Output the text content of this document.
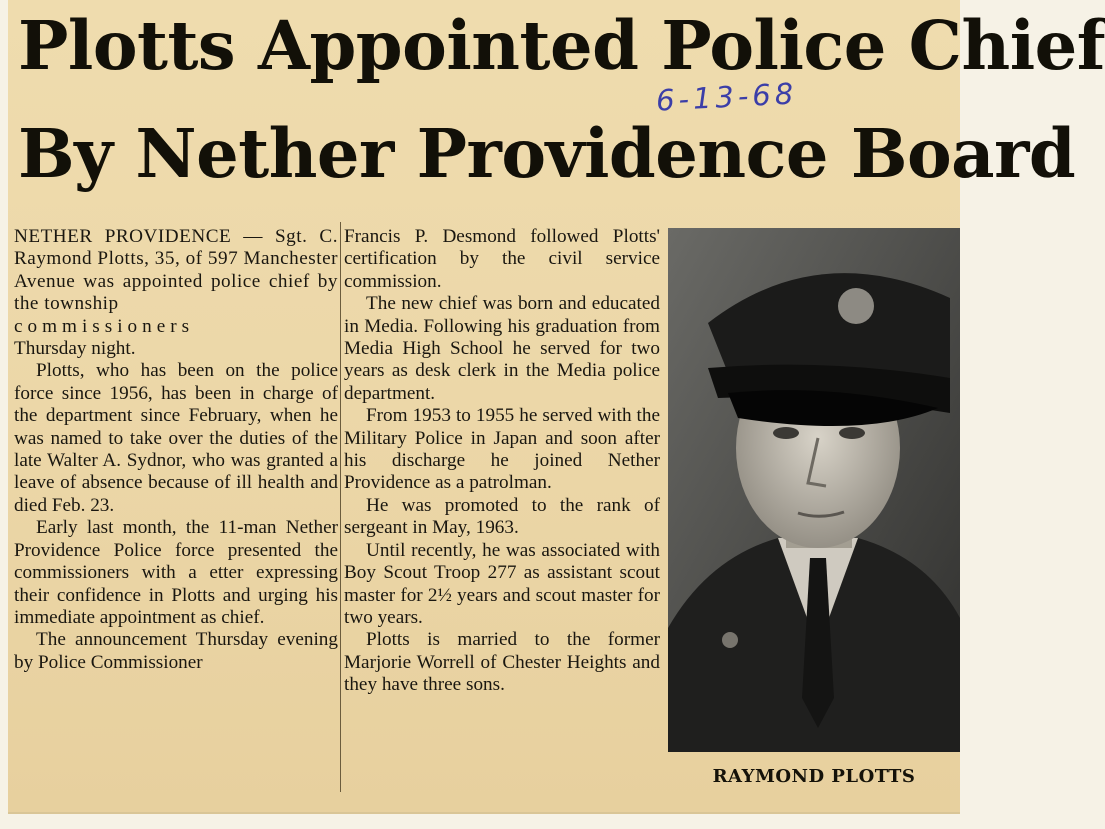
Plotts Appointed Police Chief
By Nether Providence Board
6-13-68

NETHER PROVIDENCE — Sgt. C. Raymond Plotts, 35, of 597 Manchester Avenue was appointed police chief by the township

commissioners

Thursday night.

Plotts, who has been on the police force since 1956, has been in charge of the department since February, when he was named to take over the duties of the late Walter A. Sydnor, who was granted a leave of absence because of ill health and died Feb. 23.

Early last month, the 11-man Nether Providence Police force presented the commissioners with a etter expressing their confidence in Plotts and urging his immediate appointment as chief.

The announcement Thursday evening by Police Commissioner

Francis P. Desmond followed Plotts' certification by the civil service commission.

The new chief was born and educated in Media. Following his graduation from Media High School he served for two years as desk clerk in the Media police department.

From 1953 to 1955 he served with the Military Police in Japan and soon after his discharge he joined Nether Providence as a patrolman.

He was promoted to the rank of sergeant in May, 1963.

Until recently, he was associated with Boy Scout Troop 277 as assistant scout master for 2½ years and scout master for two years.

Plotts is married to the former Marjorie Worrell of Chester Heights and they have three sons.

RAYMOND PLOTTS
